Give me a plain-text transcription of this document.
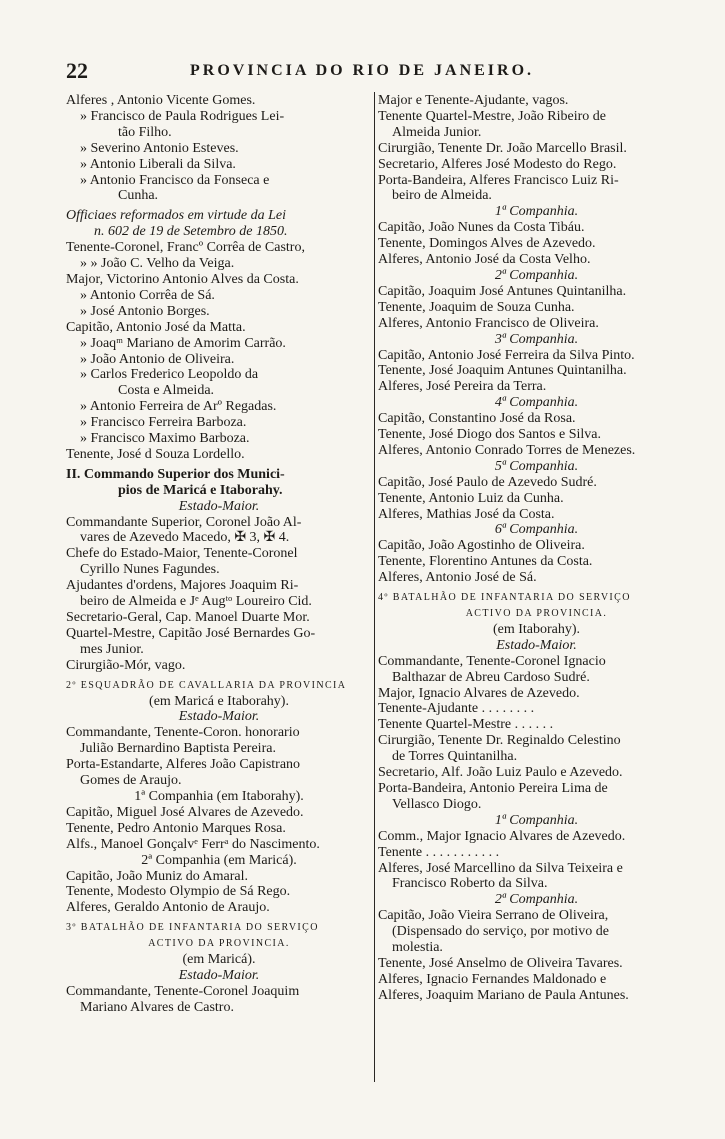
22	PROVINCIA DO RIO DE JANEIRO.
Alferes , Antonio Vicente Gomes.
» Francisco de Paula Rodrigues Lei-
tão Filho.
» Severino Antonio Esteves.
» Antonio Liberali da Silva.
» Antonio Francisco da Fonseca e
Cunha.
Officiaes reformados em virtude da Lei
n. 602 de 19 de Setembro de 1850.
Tenente-Coronel, Francº Corrêa de Castro,
» » João C. Velho da Veiga.
Major, Victorino Antonio Alves da Costa.
» Antonio Corrêa de Sá.
» José Antonio Borges.
Capitão, Antonio José da Matta.
» Joaqᵐ Mariano de Amorim Carrão.
» João Antonio de Oliveira.
» Carlos Frederico Leopoldo da
Costa e Almeida.
» Antonio Ferreira de Arº Regadas.
» Francisco Ferreira Barboza.
» Francisco Maximo Barboza.
Tenente, José d Souza Lordello.
II. Commando Superior dos Munici-
pios de Maricá e Itaborahy.
Estado-Maior.
Commandante Superior, Coronel João Al-
vares de Azevedo Macedo, ✠ 3, ✠ 4.
Chefe do Estado-Maior, Tenente-Coronel
Cyrillo Nunes Fagundes.
Ajudantes d'ordens, Majores Joaquim Ri-
beiro de Almeida e Jᵉ Augᵗᵒ Loureiro Cid.
Secretario-Geral, Cap. Manoel Duarte Mor.
Quartel-Mestre, Capitão José Bernardes Go-
mes Junior.
Cirurgião-Mór, vago.
2º ESQUADRÃO DE CAVALLARIA DA PROVINCIA
(em Maricá e Itaborahy).
Estado-Maior.
Commandante, Tenente-Coron. honorario
Julião Bernardino Baptista Pereira.
Porta-Estandarte, Alferes João Capistrano
Gomes de Araujo.
1ª Companhia (em Itaborahy).
Capitão, Miguel José Alvares de Azevedo.
Tenente, Pedro Antonio Marques Rosa.
Alfs., Manoel Gonçalvᵉ Ferrᵃ do Nascimento.
2ª Companhia (em Maricá).
Capitão, João Muniz do Amaral.
Tenente, Modesto Olympio de Sá Rego.
Alferes, Geraldo Antonio de Araujo.
3º BATALHÃO DE INFANTARIA DO SERVIÇO
ACTIVO DA PROVINCIA.
(em Maricá).
Estado-Maior.
Commandante, Tenente-Coronel Joaquim
Mariano Alvares de Castro.
Major e Tenente-Ajudante, vagos.
Tenente Quartel-Mestre, João Ribeiro de
Almeida Junior.
Cirurgião, Tenente Dr. João Marcello Brasil.
Secretario, Alferes José Modesto do Rego.
Porta-Bandeira, Alferes Francisco Luiz Ri-
beiro de Almeida.
1ª Companhia.
Capitão, João Nunes da Costa Tibáu.
Tenente, Domingos Alves de Azevedo.
Alferes, Antonio José da Costa Velho.
2ª Companhia.
Capitão, Joaquim José Antunes Quintanilha.
Tenente, Joaquim de Souza Cunha.
Alferes, Antonio Francisco de Oliveira.
3ª Companhia.
Capitão, Antonio José Ferreira da Silva Pinto.
Tenente, José Joaquim Antunes Quintanilha.
Alferes, José Pereira da Terra.
4ª Companhia.
Capitão, Constantino José da Rosa.
Tenente, José Diogo dos Santos e Silva.
Alferes, Antonio Conrado Torres de Menezes.
5ª Companhia.
Capitão, José Paulo de Azevedo Sudré.
Tenente, Antonio Luiz da Cunha.
Alferes, Mathias José da Costa.
6ª Companhia.
Capitão, João Agostinho de Oliveira.
Tenente, Florentino Antunes da Costa.
Alferes, Antonio José de Sá.
4º BATALHÃO DE INFANTARIA DO SERVIÇO
ACTIVO DA PROVINCIA.
(em Itaborahy).
Estado-Maior.
Commandante, Tenente-Coronel Ignacio
Balthazar de Abreu Cardoso Sudré.
Major, Ignacio Alvares de Azevedo.
Tenente-Ajudante . . . . . . . .
Tenente Quartel-Mestre . . . . . .
Cirurgião, Tenente Dr. Reginaldo Celestino
de Torres Quintanilha.
Secretario, Alf. João Luiz Paulo e Azevedo.
Porta-Bandeira, Antonio Pereira Lima de
Vellasco Diogo.
1ª Companhia.
Comm., Major Ignacio Alvares de Azevedo.
Tenente . . . . . . . . . . .
Alferes, José Marcellino da Silva Teixeira e
Francisco Roberto da Silva.
2ª Companhia.
Capitão, João Vieira Serrano de Oliveira,
(Dispensado do serviço, por motivo de
molestia.
Tenente, José Anselmo de Oliveira Tavares.
Alferes, Ignacio Fernandes Maldonado e
Alferes, Joaquim Mariano de Paula Antunes.
